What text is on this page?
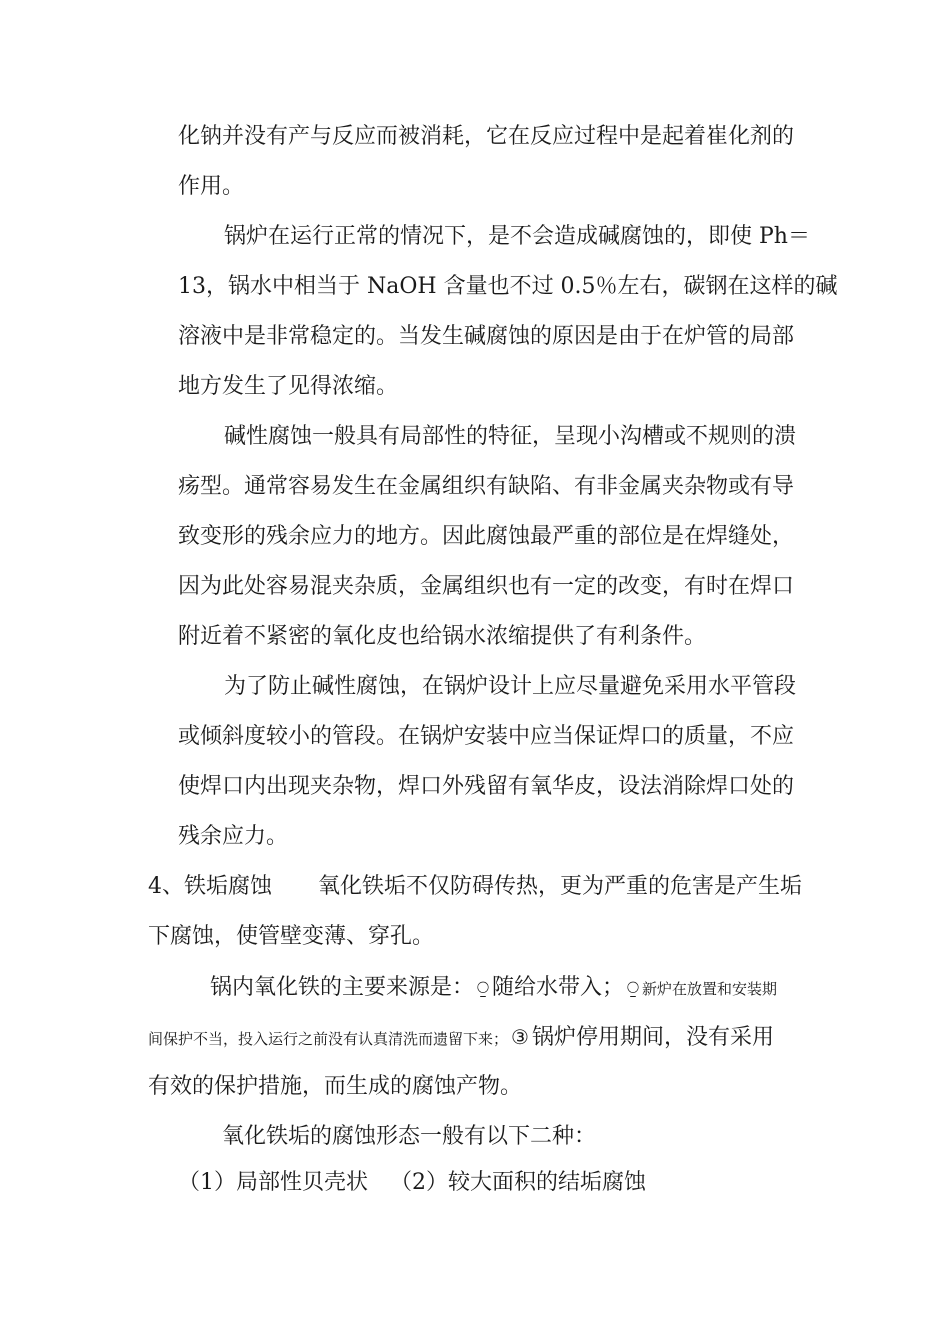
化钠并没有产与反应而被消耗，它在反应过程中是起着崔化剂的
作用。
锅炉在运行正常的情况下，是不会造成碱腐蚀的，即使 Ph＝
13，锅水中相当于 NaOH 含量也不过 0.5％左右，碳钢在这样的碱
溶液中是非常稳定的。当发生碱腐蚀的原因是由于在炉管的局部
地方发生了见得浓缩。
碱性腐蚀一般具有局部性的特征，呈现小沟槽或不规则的溃
疡型。通常容易发生在金属组织有缺陷、有非金属夹杂物或有导
致变形的残余应力的地方。因此腐蚀最严重的部位是在焊缝处，
因为此处容易混夹杂质，金属组织也有一定的改变，有时在焊口
附近着不紧密的氧化皮也给锅水浓缩提供了有利条件。
为了防止碱性腐蚀，在锅炉设计上应尽量避免采用水平管段
或倾斜度较小的管段。在锅炉安装中应当保证焊口的质量，不应
使焊口内出现夹杂物，焊口外残留有氧华皮，设法消除焊口处的
残余应力。
4、铁垢腐蚀 氧化铁垢不仅防碍传热，更为严重的危害是产生垢
下腐蚀，使管壁变薄、穿孔。
锅内氧化铁的主要来源是： ⍜ 随给水带入； ⍜ 新炉在放置和安装期
间保护不当，投入运行之前没有认真清洗而遗留下来； ③ 锅炉停用期间，没有采用
有效的保护措施，而生成的腐蚀产物。
氧化铁垢的腐蚀形态一般有以下二种：
（1）局部性贝壳状 （2）较大面积的结垢腐蚀
